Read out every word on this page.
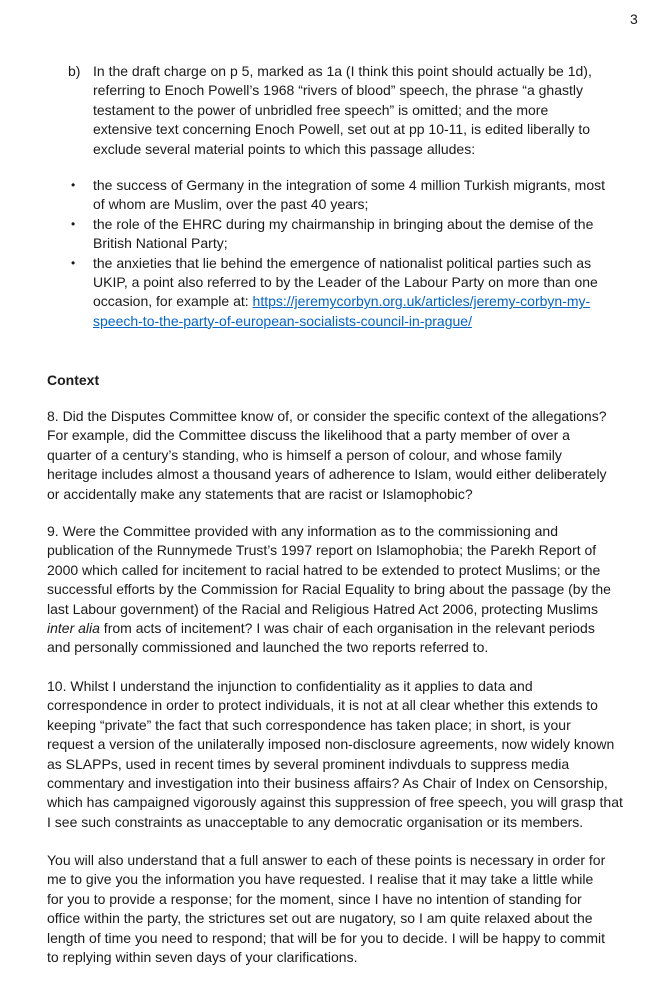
3
b) In the draft charge on p 5, marked as 1a (I think this point should actually be 1d),
referring to Enoch Powell’s 1968 “rivers of blood” speech, the phrase “a ghastly
testament to the power of unbridled free speech” is omitted; and the more
extensive text concerning Enoch Powell, set out at pp 10-11, is edited liberally to
exclude several material points to which this passage alludes:
•	the success of Germany in the integration of some 4 million Turkish migrants, most
of whom are Muslim, over the past 40 years;
•	the role of the EHRC during my chairmanship in bringing about the demise of the
British National Party;
•	the anxieties that lie behind the emergence of nationalist political parties such as
UKIP, a point also referred to by the Leader of the Labour Party on more than one
occasion, for example at: https://jeremycorbyn.org.uk/articles/jeremy-corbyn-my-
speech-to-the-party-of-european-socialists-council-in-prague/
Context
8. Did the Disputes Committee know of, or consider the specific context of the allegations?
For example, did the Committee discuss the likelihood that a party member of over a
quarter of a century’s standing, who is himself a person of colour, and whose family
heritage includes almost a thousand years of adherence to Islam, would either deliberately
or accidentally make any statements that are racist or Islamophobic?
9. Were the Committee provided with any information as to the commissioning and
publication of the Runnymede Trust’s 1997 report on Islamophobia; the Parekh Report of
2000 which called for incitement to racial hatred to be extended to protect Muslims; or the
successful efforts by the Commission for Racial Equality to bring about the passage (by the
last Labour government) of the Racial and Religious Hatred Act 2006, protecting Muslims
inter alia from acts of incitement? I was chair of each organisation in the relevant periods
and personally commissioned and launched the two reports referred to.
10. Whilst I understand the injunction to confidentiality as it applies to data and
correspondence in order to protect individuals, it is not at all clear whether this extends to
keeping “private” the fact that such correspondence has taken place; in short, is your
request a version of the unilaterally imposed non-disclosure agreements, now widely known
as SLAPPs, used in recent times by several prominent indivduals to suppress media
commentary and investigation into their business affairs? As Chair of Index on Censorship,
which has campaigned vigorously against this suppression of free speech, you will grasp that
I see such constraints as unacceptable to any democratic organisation or its members.
You will also understand that a full answer to each of these points is necessary in order for
me to give you the information you have requested. I realise that it may take a little while
for you to provide a response; for the moment, since I have no intention of standing for
office within the party, the strictures set out are nugatory, so I am quite relaxed about the
length of time you need to respond; that will be for you to decide. I will be happy to commit
to replying within seven days of your clarifications.
